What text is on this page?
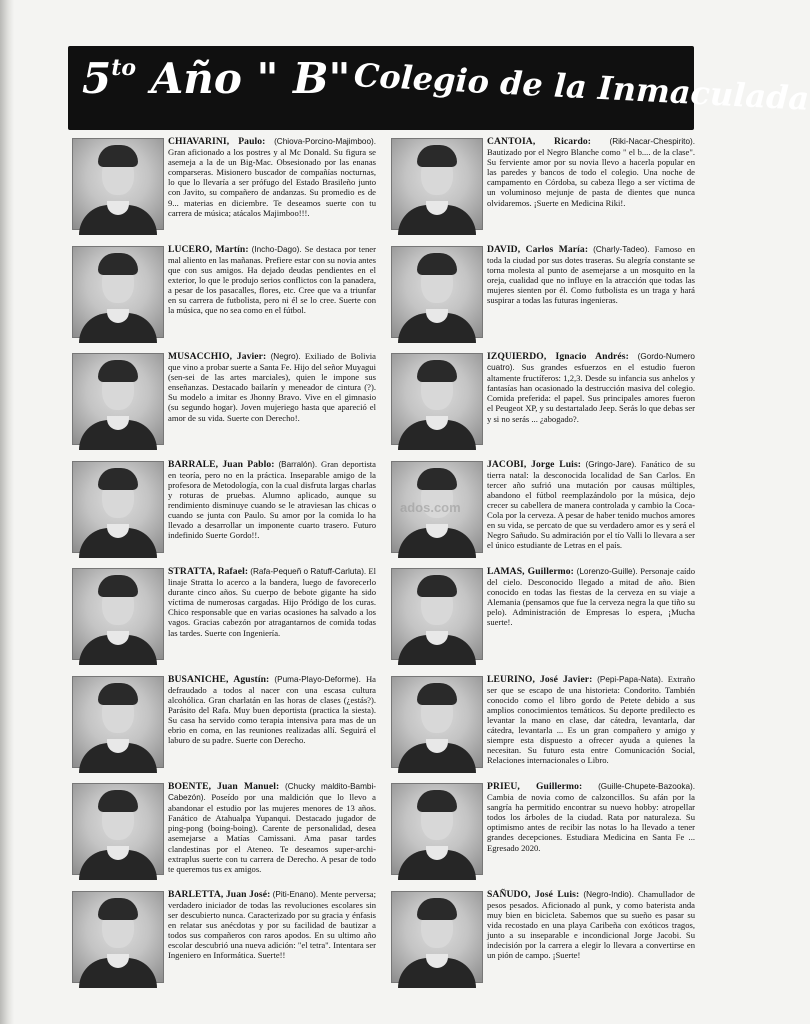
$5^{to}$ Año " B" Colegio de la Inmaculada
CHIAVARINI, Paulo: (Chiova-Porcino-Majimboo). Gran aficionado a los postres y al Mc Donald. Su figura se asemeja a la de un Big-Mac. Obsesionado por las enanas comparseras. Misionero buscador de compañías nocturnas, lo que lo llevaría a ser prófugo del Estado Brasileño junto con Javito, su compañero de andanzas. Su promedio es de 9... materias en diciembre. Te deseamos suerte con tu carrera de música; atácalos Majimboo!!!.
LUCERO, Martín: (Incho-Dago). Se destaca por tener mal aliento en las mañanas. Prefiere estar con su novia antes que con sus amigos. Ha dejado deudas pendientes en el exterior, lo que le produjo serios conflictos con la panadera, a pesar de los pasacalles, flores, etc. Cree que va a triunfar en su carrera de futbolista, pero ni él se lo cree. Suerte con la música, que no sea como en el fútbol.
MUSACCHIO, Javier: (Negro). Exiliado de Bolivia que vino a probar suerte a Santa Fe. Hijo del señor Muyagui (sen-sei de las artes marciales), quien le impone sus enseñanzas. Destacado bailarín y meneador de cintura (?). Su modelo a imitar es Jhonny Bravo. Vive en el gimnasio (su segundo hogar). Joven mujeriego hasta que apareció el amor de su vida. Suerte con Derecho!.
BARRALE, Juan Pablo: (Barralón). Gran deportista en teoría, pero no en la práctica. Inseparable amigo de la profesora de Metodología, con la cual disfruta largas charlas y roturas de pruebas. Alumno aplicado, aunque su rendimiento disminuye cuando se le atraviesan las chicas o cuando se junta con Paulo. Su amor por la comida lo ha llevado a desarrollar un imponente cuarto trasero. Futuro indefinido Suerte Gordo!!.
STRATTA, Rafael: (Rafa-Pequeñ o Ratuff-Carluta). El linaje Stratta lo acerco a la bandera, luego de favorecerlo durante cinco años. Su cuerpo de bebote gigante ha sido víctima de numerosas cargadas. Hijo Pródigo de los curas. Chico responsable que en varias ocasiones ha salvado a los vagos. Gracias cabezón por atragantarnos de comida todas las tardes. Suerte con Ingeniería.
BUSANICHE, Agustín: (Puma-Playo-Deforme). Ha defraudado a todos al nacer con una escasa cultura alcohólica. Gran charlatán en las horas de clases (¿estás?). Parásito del Rafa. Muy buen deportista (practica la siesta). Su casa ha servido como terapia intensiva para mas de un ebrio en coma, en las reuniones realizadas allí. Seguirá el laburo de su padre. Suerte con Derecho.
BOENTE, Juan Manuel: (Chucky maldito-Bambi-Cabezón). Poseído por una maldición que lo llevo a abandonar el estudio por las mujeres menores de 13 años. Fanático de Atahualpa Yupanqui. Destacado jugador de ping-pong (boing-boing). Carente de personalidad, desea asemejarse a Matías Camissani. Ama pasar tardes clandestinas por el Ateneo. Te deseamos super-archi-extraplus suerte con tu carrera de Derecho. A pesar de todo te queremos tus ex amigos.
BARLETTA, Juan José: (Piti-Enano). Mente perversa; verdadero iniciador de todas las revoluciones escolares sin ser descubierto nunca. Caracterizado por su gracia y énfasis en relatar sus anécdotas y por su facilidad de bautizar a todos sus compañeros con raros apodos. En su ultimo año escolar descubrió una nueva adición: "el tetra". Intentara ser Ingeniero en Informática. Suerte!!
CANTOIA, Ricardo: (Riki-Nacar-Chespirito). Bautizado por el Negro Blanche como " el b.... de la clase". Su ferviente amor por su novia llevo a hacerla popular en las paredes y bancos de todo el colegio. Una noche de campamento en Córdoba, su cabeza llego a ser víctima de un voluminoso mejunje de pasta de dientes que nunca olvidaremos. ¡Suerte en Medicina Riki!.
DAVID, Carlos María: (Charly-Tadeo). Famoso en toda la ciudad por sus dotes traseras. Su alegría constante se torna molesta al punto de asemejarse a un mosquito en la oreja, cualidad que no influye en la atracción que todas las mujeres sienten por él. Como futbolista es un traga y hará suspirar a todas las futuras ingenieras.
IZQUIERDO, Ignacio Andrés: (Gordo-Numero cuatro). Sus grandes esfuerzos en el estudio fueron altamente fructíferos: 1,2,3. Desde su infancia sus anhelos y fantasías han ocasionado la destrucción masiva del colegio. Comida preferida: el papel. Sus principales amores fueron el Peugeot XP, y su destartalado Jeep. Serás lo que debas ser y si no serás ... ¿abogado?.
JACOBI, Jorge Luis: (Gringo-Jare). Fanático de su tierra natal: la desconocida localidad de San Carlos. En tercer año sufrió una mutación por causas múltiples, abandono el fútbol reemplazándolo por la música, dejo crecer su cabellera de manera controlada y cambio la Coca-Cola por la cerveza. A pesar de haber tenido muchos amores en su vida, se percato de que su verdadero amor es y será el Negro Sañudo. Su admiración por el tío Valli lo llevara a ser el único estudiante de Letras en el país.
LAMAS, Guillermo: (Lorenzo-Guille). Personaje caído del cielo. Desconocido llegado a mitad de año. Bien conocido en todas las fiestas de la cerveza en su viaje a Alemania (pensamos que fue la cerveza negra la que tiño su pelo). Administración de Empresas lo espera, ¡Mucha suerte!.
LEURINO, José Javier: (Pepi-Papa-Nata). Extraño ser que se escapo de una historieta: Condorito. También conocido como el libro gordo de Petete debido a sus amplios conocimientos temáticos. Su deporte predilecto es levantar la mano en clase, dar cátedra, levantarla, dar cátedra, levantarla ... Es un gran compañero y amigo y siempre esta dispuesto a ofrecer ayuda a quienes la necesitan. Su futuro esta entre Comunicación Social, Relaciones internacionales o Libro.
PRIEU, Guillermo: (Guille-Chupete-Bazooka). Cambia de novia como de calzoncillos. Su afán por la sangría ha permitido encontrar su nuevo hobby: atropellar todos los árboles de la ciudad. Rata por naturaleza. Su optimismo antes de recibir las notas lo ha llevado a tener grandes decepciones. Estudiara Medicina en Santa Fe ... Egresado 2020.
SAÑUDO, José Luis: (Negro-Indio). Chamullador de pesos pesados. Aficionado al punk, y como baterista anda muy bien en bicicleta. Sabemos que su sueño es pasar su vida recostado en una playa Caribeña con exóticos tragos, junto a su inseparable e incondicional Jorge Jacobi. Su indecisión por la carrera a elegir lo llevara a convertirse en un pión de campo. ¡Suerte!
ados.com
